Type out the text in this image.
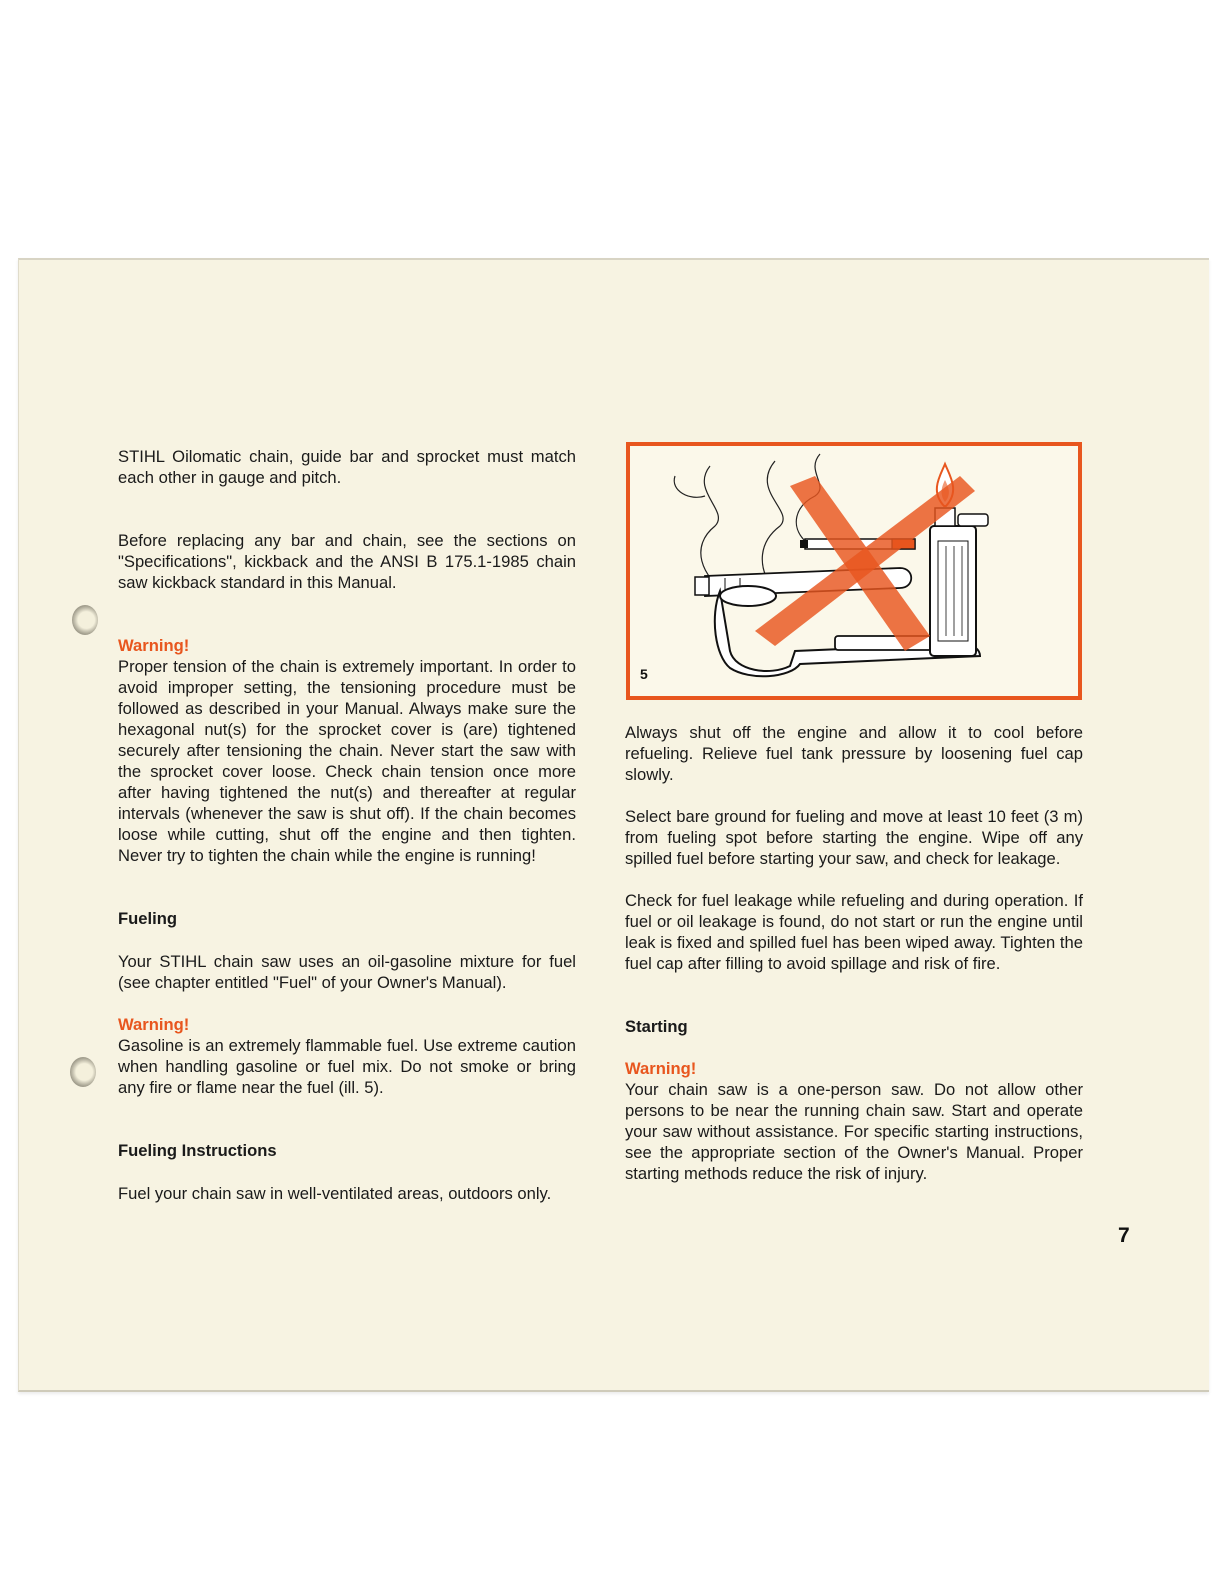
STIHL Oilomatic chain, guide bar and sprocket must match each other in gauge and pitch.

Before replacing any bar and chain, see the sections on "Specifications", kickback and the ANSI B 175.1-1985 chain saw kickback standard in this Manual.

Warning!

Proper tension of the chain is extremely important. In order to avoid improper setting, the tensioning procedure must be followed as described in your Manual. Always make sure the hexagonal nut(s) for the sprocket cover is (are) tightened securely after tensioning the chain. Never start the saw with the sprocket cover loose. Check chain tension once more after having tightened the nut(s) and thereafter at regular intervals (whenever the saw is shut off). If the chain becomes loose while cutting, shut off the engine and then tighten. Never try to tighten the chain while the engine is running!

Fueling

Your STIHL chain saw uses an oil-gasoline mixture for fuel (see chapter entitled "Fuel" of your Owner's Manual).

Warning!

Gasoline is an extremely flammable fuel. Use extreme caution when handling gasoline or fuel mix. Do not smoke or bring any fire or flame near the fuel (ill. 5).

Fueling Instructions

Fuel your chain saw in well-ventilated areas, outdoors only.

5

Always shut off the engine and allow it to cool before refueling. Relieve fuel tank pressure by loosening fuel cap slowly.

Select bare ground for fueling and move at least 10 feet (3 m) from fueling spot before starting the engine. Wipe off any spilled fuel before starting your saw, and check for leakage.

Check for fuel leakage while refueling and during operation. If fuel or oil leakage is found, do not start or run the engine until leak is fixed and spilled fuel has been wiped away. Tighten the fuel cap after filling to avoid spillage and risk of fire.

Starting

Warning!

Your chain saw is a one-person saw. Do not allow other persons to be near the running chain saw. Start and operate your saw without assistance. For specific starting instructions, see the appropriate section of the Owner's Manual. Proper starting methods reduce the risk of injury.

7
